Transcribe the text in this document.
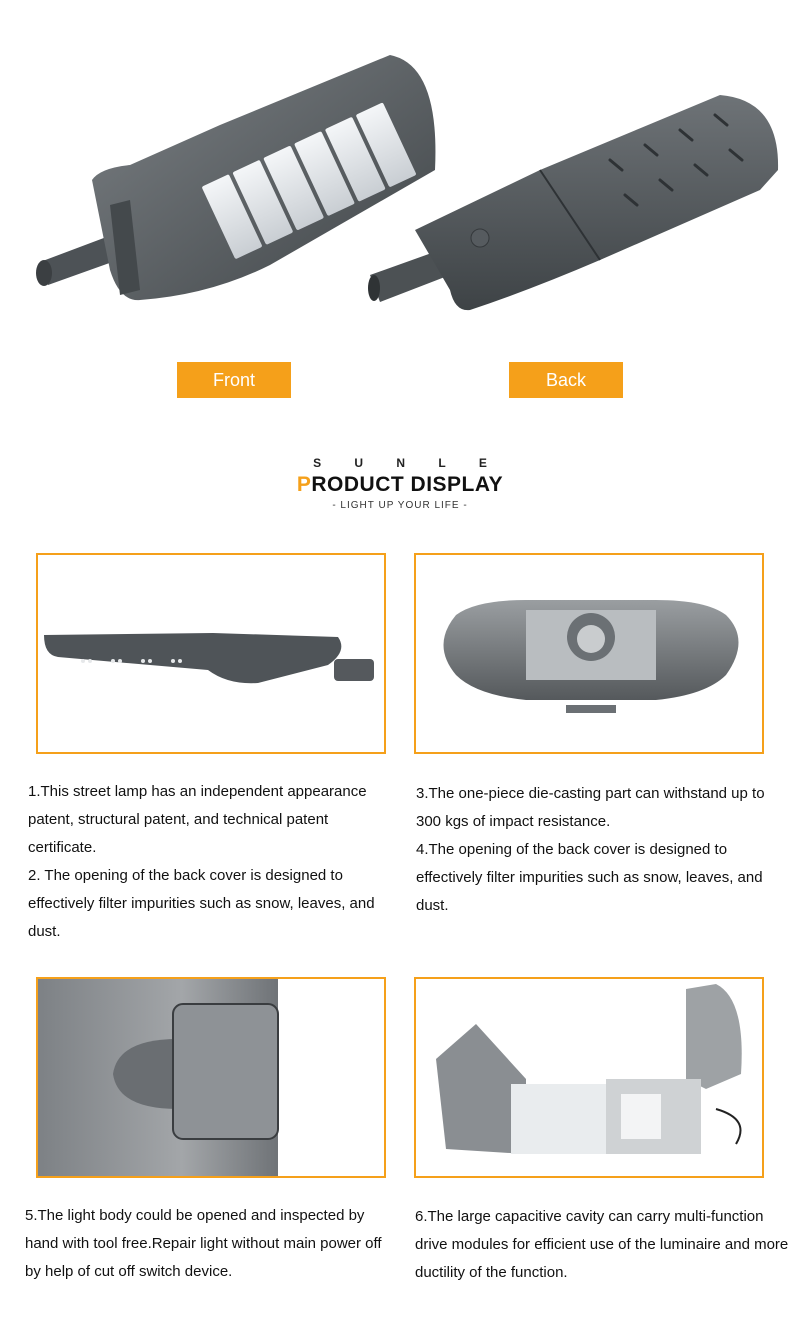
Front	Back
S U N L E
PRODUCT DISPLAY
- LIGHT UP YOUR LIFE -

1.This street lamp has an independent appearance patent, structural patent, and technical patent certificate.

2. The opening of the back cover is designed to effectively filter impurities such as snow, leaves, and dust.

3.The one-piece die-casting part can withstand up to 300 kgs of impact resistance.

4.The opening of the back cover is designed to effectively filter impurities such as snow, leaves, and dust.

5.The light body could be opened and inspected by hand with tool free.Repair light without main power off by help of cut off switch device.

6.The large capacitive cavity can carry multi-function drive modules for efficient use of the luminaire and more ductility of the function.
